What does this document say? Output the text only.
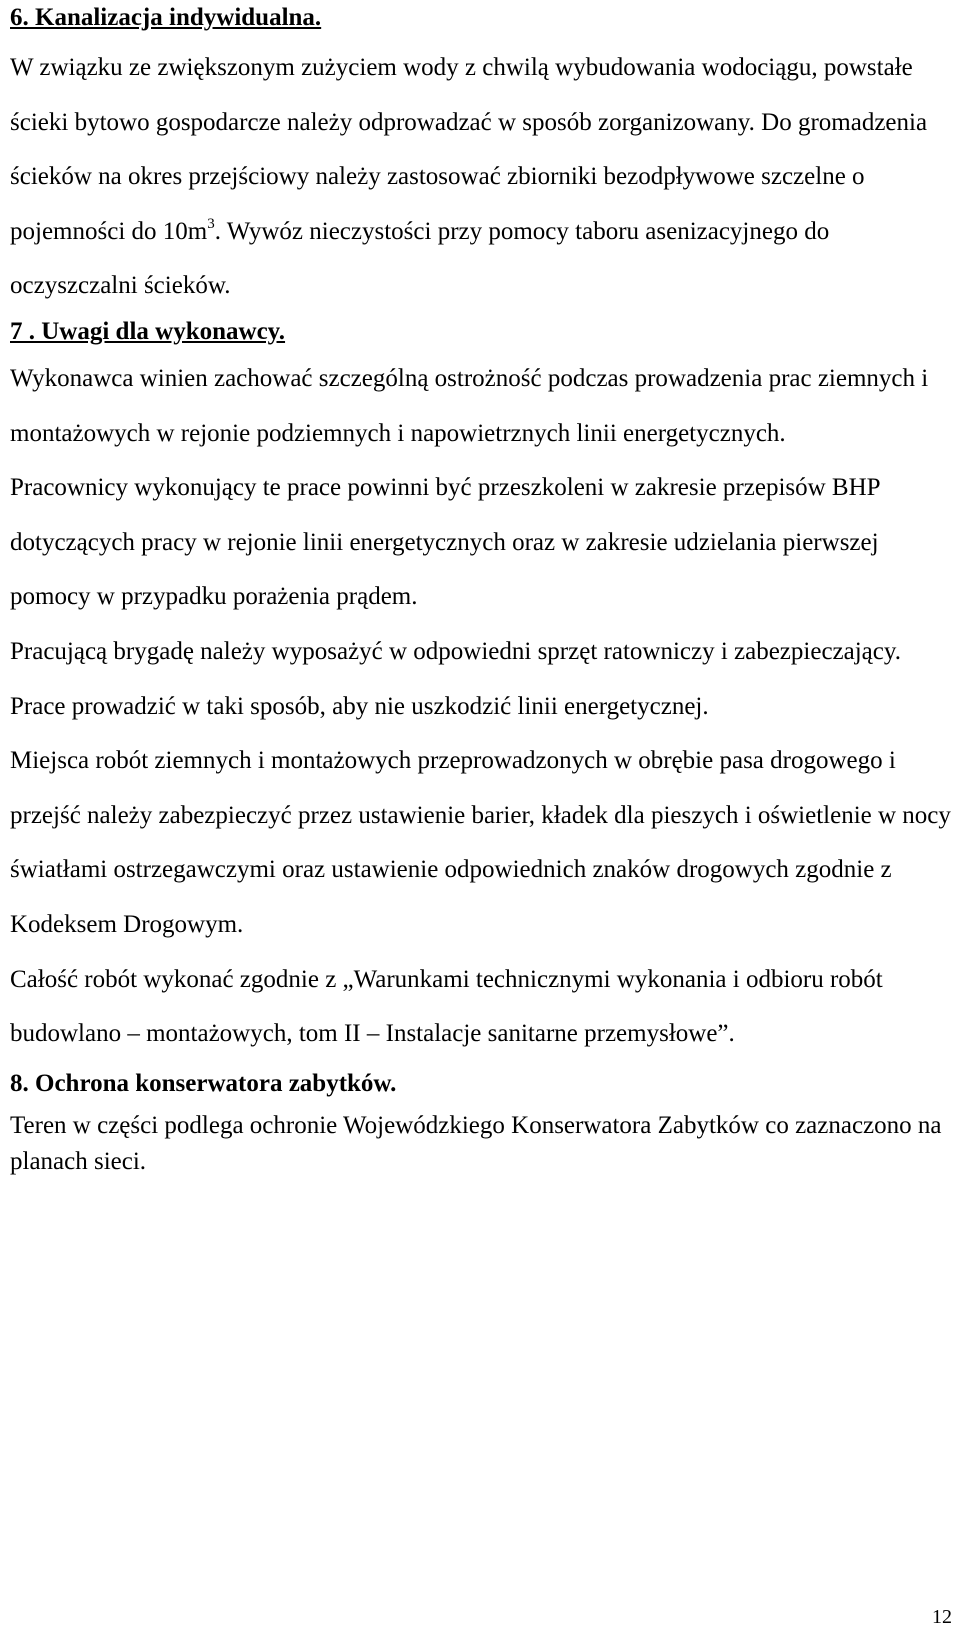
6. Kanalizacja indywidualna.

W związku ze zwiększonym zużyciem wody z chwilą wybudowania wodociągu, powstałe ścieki bytowo gospodarcze należy odprowadzać w sposób zorganizowany. Do gromadzenia ścieków na okres przejściowy należy zastosować zbiorniki bezodpływowe szczelne o pojemności do $10m^3$. Wywóz nieczystości przy pomocy taboru asenizacyjnego do oczyszczalni ścieków.

7 . Uwagi dla wykonawcy.

Wykonawca winien zachować szczególną ostrożność podczas prowadzenia prac ziemnych i montażowych w rejonie podziemnych i napowietrznych linii energetycznych.

Pracownicy wykonujący te prace powinni być przeszkoleni w zakresie przepisów BHP dotyczących pracy w rejonie linii energetycznych oraz w zakresie udzielania pierwszej pomocy w przypadku porażenia prądem.

Pracującą brygadę należy wyposażyć w odpowiedni sprzęt ratowniczy i zabezpieczający.

Prace prowadzić w taki sposób, aby nie uszkodzić linii energetycznej.

Miejsca robót ziemnych i montażowych przeprowadzonych w obrębie pasa drogowego i przejść należy zabezpieczyć przez ustawienie barier, kładek dla pieszych i oświetlenie w nocy światłami ostrzegawczymi oraz ustawienie odpowiednich znaków drogowych zgodnie z Kodeksem Drogowym.

Całość robót wykonać zgodnie z „Warunkami technicznymi wykonania i odbioru robót budowlano – montażowych, tom II – Instalacje sanitarne przemysłowe”.

8. Ochrona konserwatora zabytków.

Teren w części podlega ochronie Wojewódzkiego Konserwatora Zabytków co zaznaczono na planach sieci.

12
